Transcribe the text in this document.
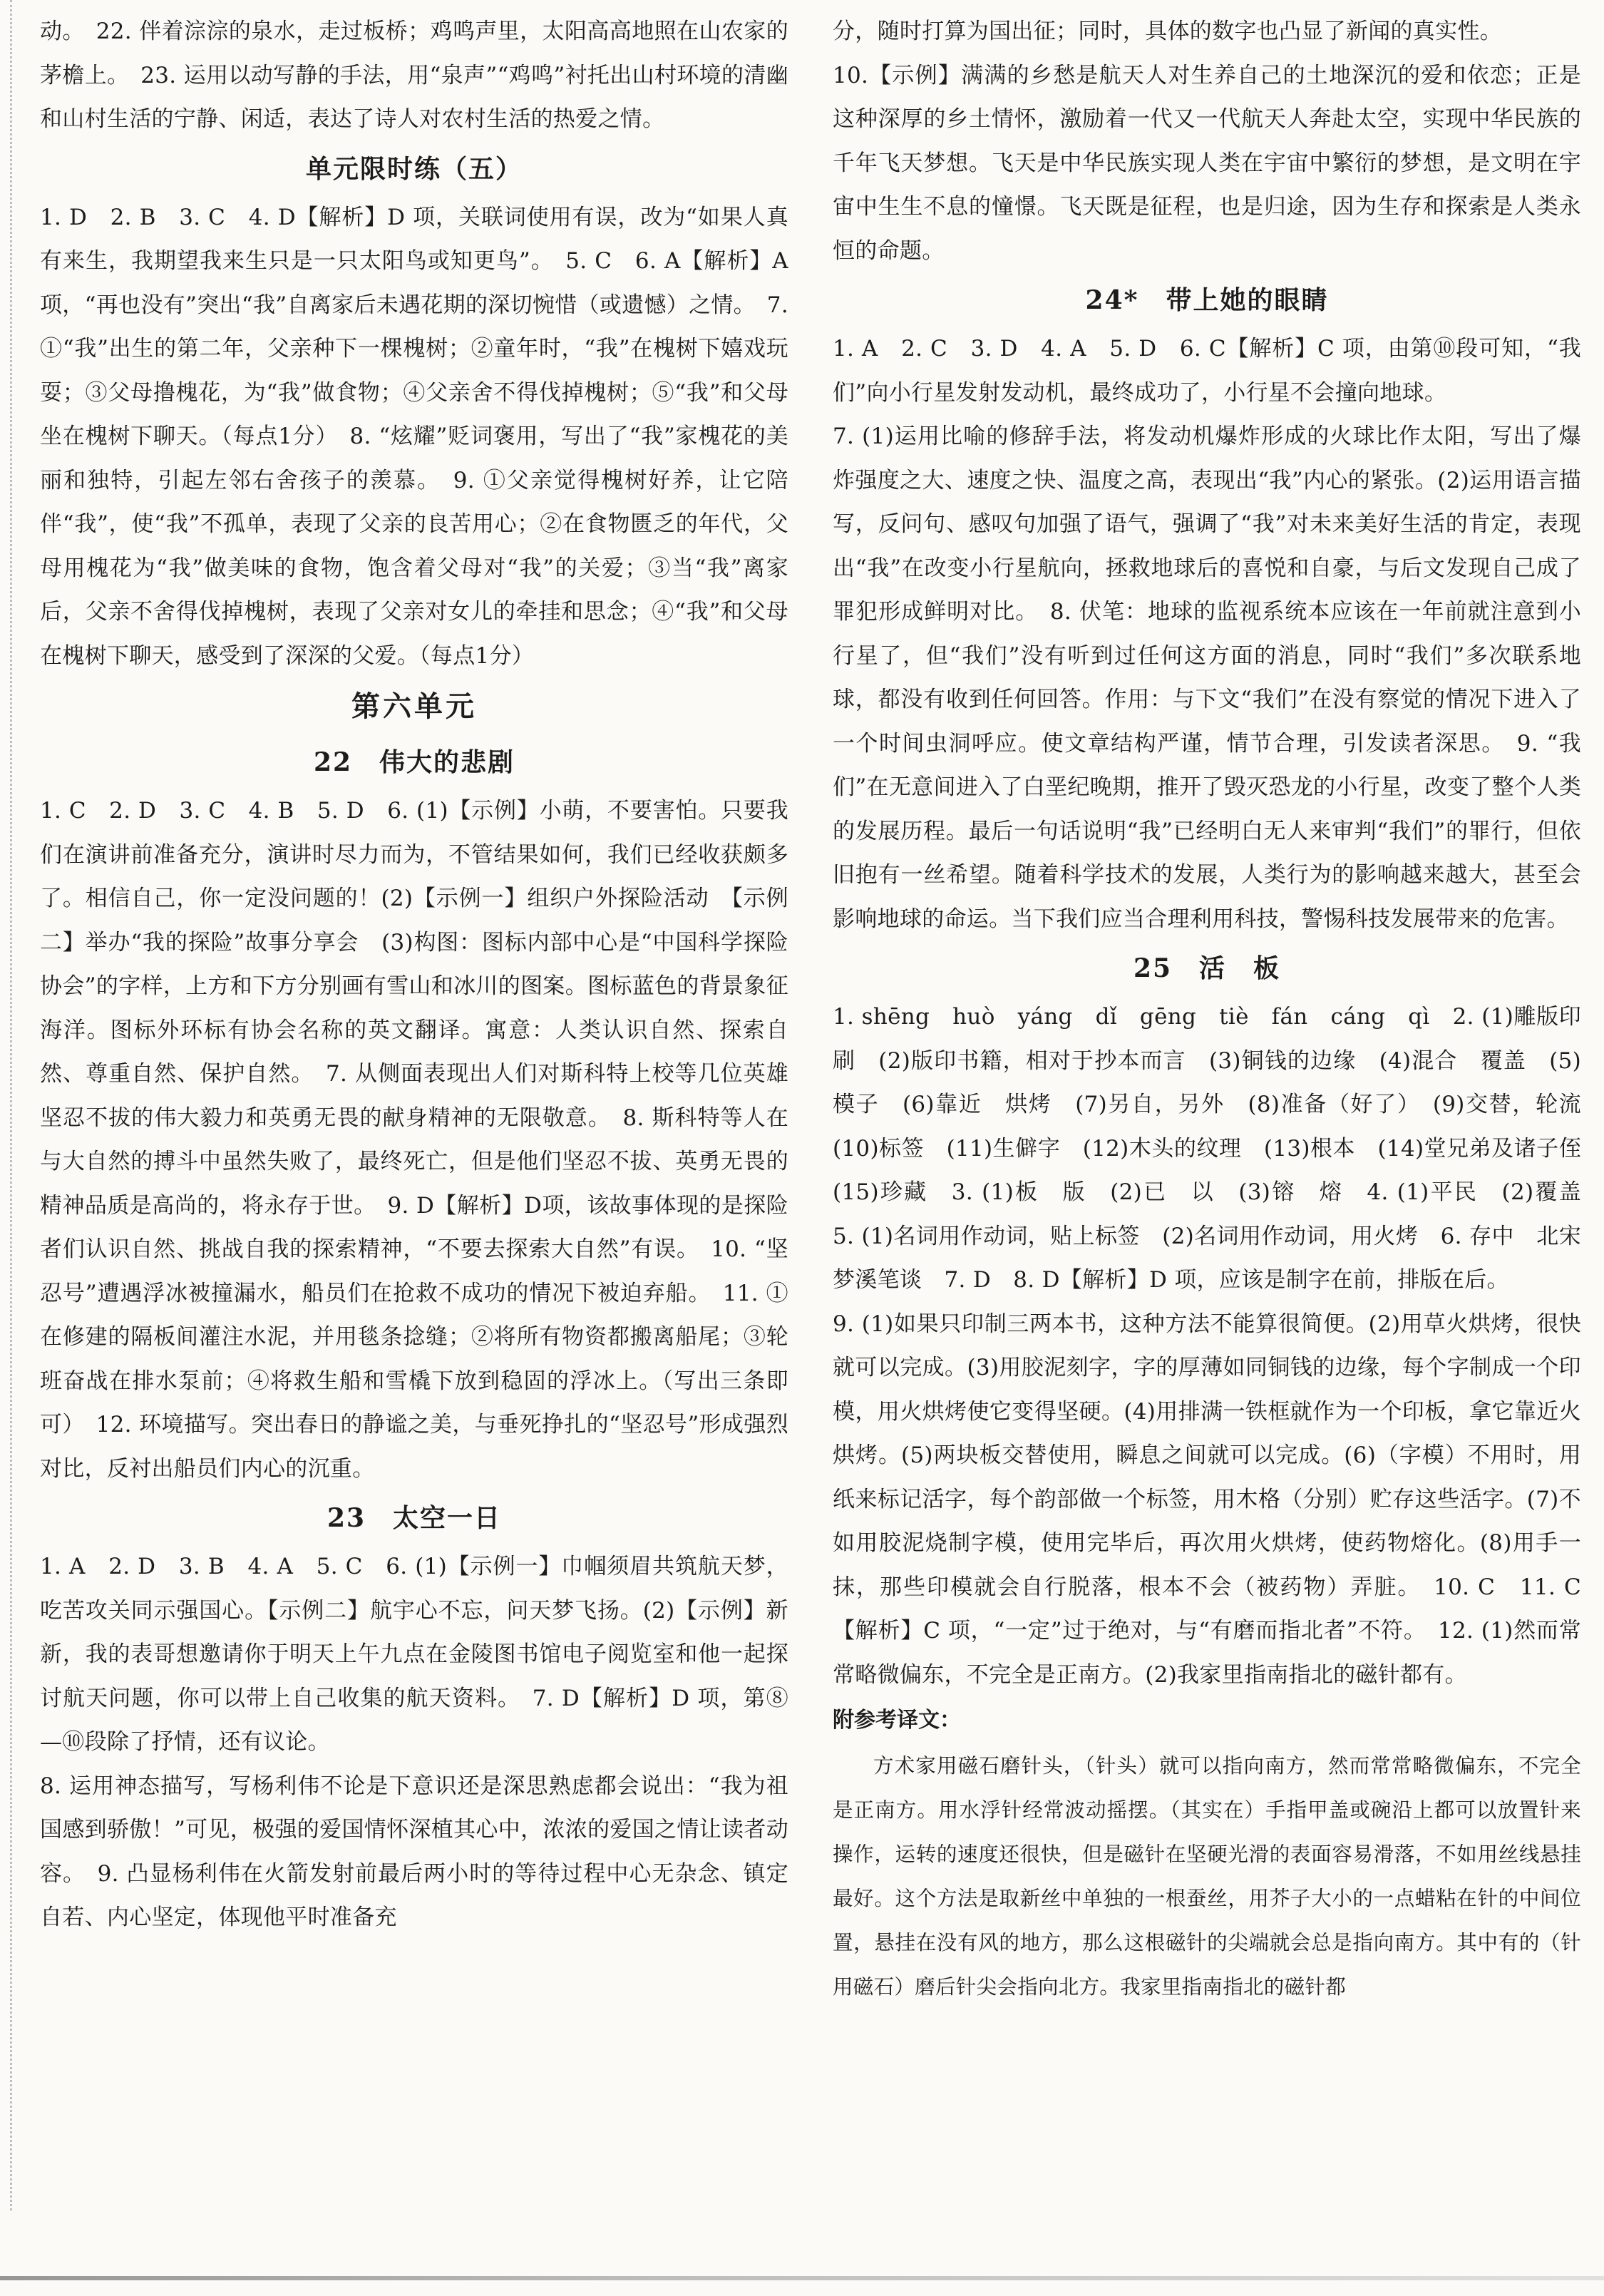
动。　22. 伴着淙淙的泉水，走过板桥；鸡鸣声里，太阳高高地照在山农家的茅檐上。　23. 运用以动写静的手法，用“泉声”“鸡鸣”衬托出山村环境的清幽和山村生活的宁静、闲适，表达了诗人对农村生活的热爱之情。

单元限时练（五）

1. D　2. B　3. C　4. D【解析】D 项，关联词使用有误，改为“如果人真有来生，我期望我来生只是一只太阳鸟或知更鸟”。　5. C　6. A【解析】A 项，“再也没有”突出“我”自离家后未遇花期的深切惋惜（或遗憾）之情。　7. ①“我”出生的第二年，父亲种下一棵槐树；②童年时，“我”在槐树下嬉戏玩耍；③父母撸槐花，为“我”做食物；④父亲舍不得伐掉槐树；⑤“我”和父母坐在槐树下聊天。（每点1分）　8. “炫耀”贬词褒用，写出了“我”家槐花的美丽和独特，引起左邻右舍孩子的羡慕。　9. ①父亲觉得槐树好养，让它陪伴“我”，使“我”不孤单，表现了父亲的良苦用心；②在食物匮乏的年代，父母用槐花为“我”做美味的食物，饱含着父母对“我”的关爱；③当“我”离家后，父亲不舍得伐掉槐树，表现了父亲对女儿的牵挂和思念；④“我”和父母在槐树下聊天，感受到了深深的父爱。（每点1分）

第六单元
22　伟大的悲剧

1. C　2. D　3. C　4. B　5. D　6. (1)【示例】小萌，不要害怕。只要我们在演讲前准备充分，演讲时尽力而为，不管结果如何，我们已经收获颇多了。相信自己，你一定没问题的！(2)【示例一】组织户外探险活动　【示例二】举办“我的探险”故事分享会　(3)构图：图标内部中心是“中国科学探险协会”的字样，上方和下方分别画有雪山和冰川的图案。图标蓝色的背景象征海洋。图标外环标有协会名称的英文翻译。寓意：人类认识自然、探索自然、尊重自然、保护自然。　7. 从侧面表现出人们对斯科特上校等几位英雄坚忍不拔的伟大毅力和英勇无畏的献身精神的无限敬意。　8. 斯科特等人在与大自然的搏斗中虽然失败了，最终死亡，但是他们坚忍不拔、英勇无畏的精神品质是高尚的，将永存于世。　9. D【解析】D项，该故事体现的是探险者们认识自然、挑战自我的探索精神，“不要去探索大自然”有误。　10. “坚忍号”遭遇浮冰被撞漏水，船员们在抢救不成功的情况下被迫弃船。　11. ①在修建的隔板间灌注水泥，并用毯条捻缝；②将所有物资都搬离船尾；③轮班奋战在排水泵前；④将救生船和雪橇下放到稳固的浮冰上。（写出三条即可）　12. 环境描写。突出春日的静谧之美，与垂死挣扎的“坚忍号”形成强烈对比，反衬出船员们内心的沉重。

23　太空一日

1. A　2. D　3. B　4. A　5. C　6. (1)【示例一】巾帼须眉共筑航天梦，吃苦攻关同示强国心。【示例二】航宇心不忘，问天梦飞扬。(2)【示例】新新，我的表哥想邀请你于明天上午九点在金陵图书馆电子阅览室和他一起探讨航天问题，你可以带上自己收集的航天资料。　7. D【解析】D 项，第⑧—⑩段除了抒情，还有议论。

8. 运用神态描写，写杨利伟不论是下意识还是深思熟虑都会说出：“我为祖国感到骄傲！”可见，极强的爱国情怀深植其心中，浓浓的爱国之情让读者动容。　9. 凸显杨利伟在火箭发射前最后两小时的等待过程中心无杂念、镇定自若、内心坚定，体现他平时准备充

分，随时打算为国出征；同时，具体的数字也凸显了新闻的真实性。

10.【示例】满满的乡愁是航天人对生养自己的土地深沉的爱和依恋；正是这种深厚的乡土情怀，激励着一代又一代航天人奔赴太空，实现中华民族的千年飞天梦想。飞天是中华民族实现人类在宇宙中繁衍的梦想，是文明在宇宙中生生不息的憧憬。飞天既是征程，也是归途，因为生存和探索是人类永恒的命题。

24*　带上她的眼睛

1. A　2. C　3. D　4. A　5. D　6. C【解析】C 项，由第⑩段可知，“我们”向小行星发射发动机，最终成功了，小行星不会撞向地球。

7. (1)运用比喻的修辞手法，将发动机爆炸形成的火球比作太阳，写出了爆炸强度之大、速度之快、温度之高，表现出“我”内心的紧张。(2)运用语言描写，反问句、感叹句加强了语气，强调了“我”对未来美好生活的肯定，表现出“我”在改变小行星航向，拯救地球后的喜悦和自豪，与后文发现自己成了罪犯形成鲜明对比。　8. 伏笔：地球的监视系统本应该在一年前就注意到小行星了，但“我们”没有听到过任何这方面的消息，同时“我们”多次联系地球，都没有收到任何回答。作用：与下文“我们”在没有察觉的情况下进入了一个时间虫洞呼应。使文章结构严谨，情节合理，引发读者深思。　9. “我们”在无意间进入了白垩纪晚期，推开了毁灭恐龙的小行星，改变了整个人类的发展历程。最后一句话说明“我”已经明白无人来审判“我们”的罪行，但依旧抱有一丝希望。随着科学技术的发展，人类行为的影响越来越大，甚至会影响地球的命运。当下我们应当合理利用科技，警惕科技发展带来的危害。

25　活　板

1. shēng　huò　yáng　dǐ　gēng　tiè　fán　cáng　qì　2. (1)雕版印刷　(2)版印书籍，相对于抄本而言　(3)铜钱的边缘　(4)混合　覆盖　(5)模子　(6)靠近　烘烤　(7)另自，另外　(8)准备（好了）　(9)交替，轮流　(10)标签　(11)生僻字　(12)木头的纹理　(13)根本　(14)堂兄弟及诸子侄　(15)珍藏　3. (1)板　版　(2)已　以　(3)镕　熔　4. (1)平民　(2)覆盖　5. (1)名词用作动词，贴上标签　(2)名词用作动词，用火烤　6. 存中　北宋　梦溪笔谈　7. D　8. D【解析】D 项，应该是制字在前，排版在后。

9. (1)如果只印制三两本书，这种方法不能算很简便。(2)用草火烘烤，很快就可以完成。(3)用胶泥刻字，字的厚薄如同铜钱的边缘，每个字制成一个印模，用火烘烤使它变得坚硬。(4)用排满一铁框就作为一个印板，拿它靠近火烘烤。(5)两块板交替使用，瞬息之间就可以完成。(6)（字模）不用时，用纸来标记活字，每个韵部做一个标签，用木格（分别）贮存这些活字。(7)不如用胶泥烧制字模，使用完毕后，再次用火烘烤，使药物熔化。(8)用手一抹，那些印模就会自行脱落，根本不会（被药物）弄脏。　10. C　11. C【解析】C 项，“一定”过于绝对，与“有磨而指北者”不符。　12. (1)然而常常略微偏东，不完全是正南方。(2)我家里指南指北的磁针都有。

附参考译文：

方术家用磁石磨针头，（针头）就可以指向南方，然而常常略微偏东，不完全是正南方。用水浮针经常波动摇摆。（其实在）手指甲盖或碗沿上都可以放置针来操作，运转的速度还很快，但是磁针在坚硬光滑的表面容易滑落，不如用丝线悬挂最好。这个方法是取新丝中单独的一根蚕丝，用芥子大小的一点蜡粘在针的中间位置，悬挂在没有风的地方，那么这根磁针的尖端就会总是指向南方。其中有的（针用磁石）磨后针尖会指向北方。我家里指南指北的磁针都
